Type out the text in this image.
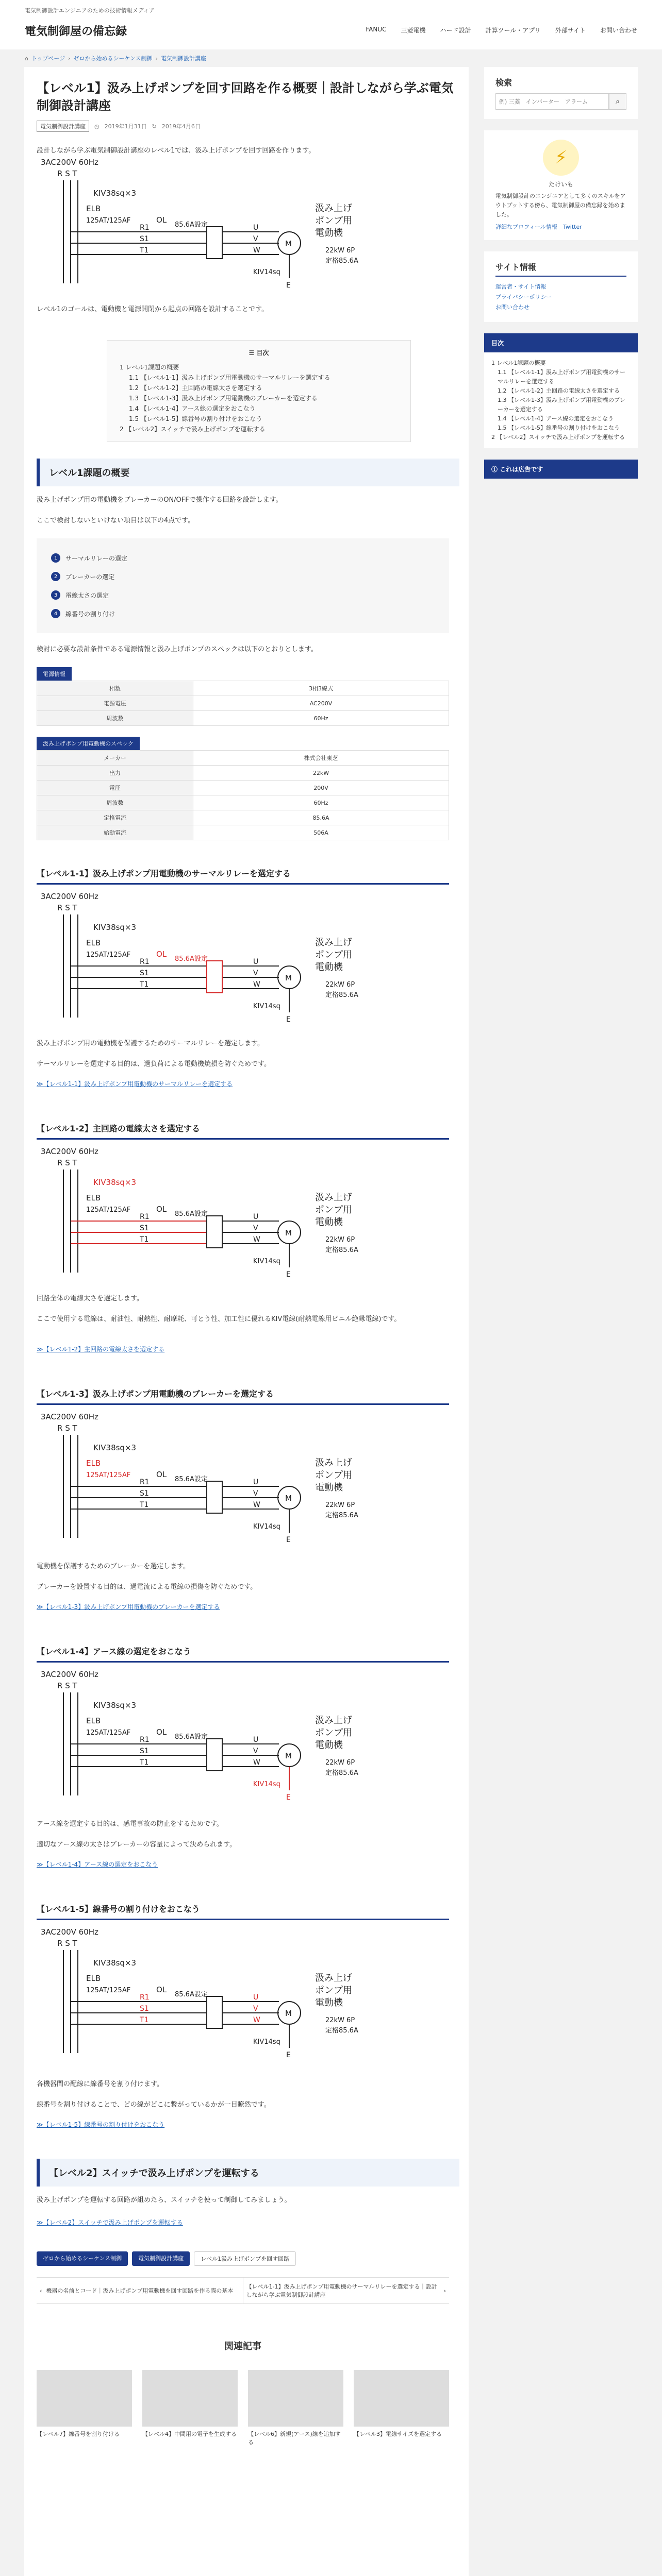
電気制御設計エンジニアのための技術情報メディア
電気制御屋の備忘録	FANUC 三菱電機 ハード設計 計算ツール・アプリ 外部サイト お問い合わせ
⌂ トップページ › ゼロから始めるシーケンス制御 › 電気制御設計講座
【レベル1】汲み上げポンプを回す回路を作る概要｜設計しながら学ぶ電気制御設計講座
電気制御設計講座	◷ 2019年1月31日 ↻ 2019年4月6日

設計しながら学ぶ電気制御設計講座のレベル1では、汲み上げポンプを回す回路を作ります。

3AC200V 60Hz
R S T
KIV38sq×3
ELB
125AT/125AF
R1	U
S1	V
T1	W
OL
85.6A設定
M
KIV14sq
E
汲み上げ
ポンプ用
電動機
22kW 6P
定格85.6A

レベル1のゴールは、電動機と電源開閉から起点の回路を設計することです。

☰ 目次
1 レベル1課題の概要
1.1 【レベル1-1】汲み上げポンプ用電動機のサーマルリレーを選定する
1.2 【レベル1-2】主回路の電線太さを選定する
1.3 【レベル1-3】汲み上げポンプ用電動機のブレーカーを選定する
1.4 【レベル1-4】アース線の選定をおこなう
1.5 【レベル1-5】線番号の割り付けをおこなう
2 【レベル2】スイッチで汲み上げポンプを運転する
レベル1課題の概要

汲み上げポンプ用の電動機をブレーカーのON/OFFで操作する回路を設計します。

ここで検討しないといけない項目は以下の4点です。

1	サーマルリレーの選定
2	ブレーカーの選定
3	電線太さの選定
4	線番号の割り付け

検討に必要な設計条件である電源情報と汲み上げポンプのスペックは以下のとおりとします。

電源情報
相数	3相3線式
電源電圧	AC200V
周波数	60Hz
汲み上げポンプ用電動機のスペック
メーカー	株式会社東芝
出力	22kW
電圧	200V
周波数	60Hz
定格電流	85.6A
始動電流	506A
【レベル1-1】汲み上げポンプ用電動機のサーマルリレーを選定する
3AC200V 60Hz
R S T
KIV38sq×3
ELB
125AT/125AF
R1	U
S1	V
T1	W
OL
85.6A設定
M
KIV14sq
E
汲み上げ
ポンプ用
電動機
22kW 6P
定格85.6A

汲み上げポンプ用の電動機を保護するためのサーマルリレーを選定します。

サーマルリレーを選定する目的は、過負荷による電動機焼損を防ぐためです。

≫【レベル1-1】汲み上げポンプ用電動機のサーマルリレーを選定する
【レベル1-2】主回路の電線太さを選定する
3AC200V 60Hz
R S T
KIV38sq×3
ELB
125AT/125AF
R1	U
S1	V
T1	W
OL
85.6A設定
M
KIV14sq
E
汲み上げ
ポンプ用
電動機
22kW 6P
定格85.6A

回路全体の電線太さを選定します。

ここで使用する電線は、耐油性、耐熱性、耐摩耗、可とう性、加工性に優れるKIV電線(耐熱電線用ビニル絶縁電線)です。

≫【レベル1-2】主回路の電線太さを選定する
【レベル1-3】汲み上げポンプ用電動機のブレーカーを選定する
3AC200V 60Hz
R S T
KIV38sq×3
ELB
125AT/125AF
R1	U
S1	V
T1	W
OL
85.6A設定
M
KIV14sq
E
汲み上げ
ポンプ用
電動機
22kW 6P
定格85.6A

電動機を保護するためのブレーカーを選定します。

ブレーカーを設置する目的は、過電流による電線の損傷を防ぐためです。

≫【レベル1-3】汲み上げポンプ用電動機のブレーカーを選定する
【レベル1-4】アース線の選定をおこなう
3AC200V 60Hz
R S T
KIV38sq×3
ELB
125AT/125AF
R1	U
S1	V
T1	W
OL
85.6A設定
M
KIV14sq
E
汲み上げ
ポンプ用
電動機
22kW 6P
定格85.6A

アース線を選定する目的は、感電事故の防止をするためです。

適切なアース線の太さはブレーカーの容量によって決められます。

≫【レベル1-4】アース線の選定をおこなう
【レベル1-5】線番号の割り付けをおこなう
3AC200V 60Hz
R S T
KIV38sq×3
ELB
125AT/125AF
R1	U
S1	V
T1	W
OL
85.6A設定
M
KIV14sq
E
汲み上げ
ポンプ用
電動機
22kW 6P
定格85.6A

各機器間の配線に線番号を割り付けます。

線番号を割り付けることで、どの線がどこに繋がっているかが一目瞭然です。

≫【レベル1-5】線番号の割り付けをおこなう
【レベル2】スイッチで汲み上げポンプを運転する

汲み上げポンプを運転する回路が組めたら、スイッチを使って制御してみましょう。

≫【レベル2】スイッチで汲み上げポンプを運転する
ゼロから始めるシーケンス制御	電気制御設計講座	レベル1汲み上げポンプを回す回路
‹ 機器の名前とコード｜汲み上げポンプ用電動機を回す回路を作る際の基本
【レベル1-1】汲み上げポンプ用電動機のサーマルリレーを選定する｜設計しながら学ぶ電気制御設計講座
›
関連記事
【レベル7】線番号を割り付ける	【レベル4】中間用の電子を生成する 【レベル6】新規(アース)線を追加する
【レベル3】電線サイズを選定する
検索
例) 三菱　インバーター　アラーム
⌕
⚡
たけいも

電気制御設計のエンジニアとして多くのスキルをアウトプットする傍ら、電気制御屋の備忘録を始めました。

詳細なプロフィール情報　 Twitter
サイト情報
運営者・サイト情報
プライバシーポリシー
お問い合わせ
目次
1 レベル1課題の概要
1.1 【レベル1-1】汲み上げポンプ用電動機のサーマルリレーを選定する
1.2 【レベル1-2】主回路の電線太さを選定する
1.3 【レベル1-3】汲み上げポンプ用電動機のブレーカーを選定する
1.4 【レベル1-4】アース線の選定をおこなう
1.5 【レベル1-5】線番号の割り付けをおこなう
2 【レベル2】スイッチで汲み上げポンプを運転する
ⓘ これは広告です
